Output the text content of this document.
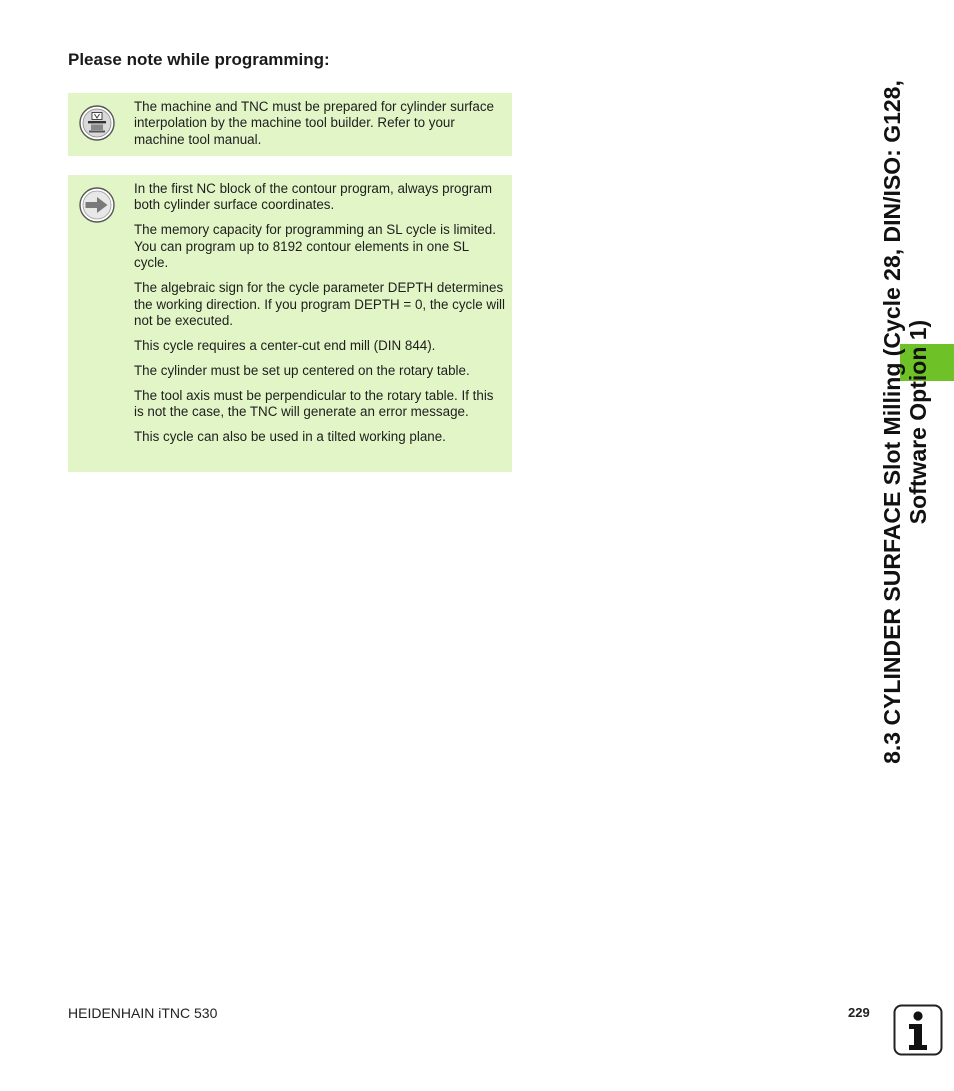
Please note while programming:

The machine and TNC must be prepared for cylinder surface interpolation by the machine tool builder. Refer to your machine tool manual.

In the first NC block of the contour program, always program both cylinder surface coordinates.

The memory capacity for programming an SL cycle is limited. You can program up to 8192 contour elements in one SL cycle.

The algebraic sign for the cycle parameter DEPTH determines the working direction. If you program DEPTH = 0, the cycle will not be executed.

This cycle requires a center-cut end mill (DIN 844).

The cylinder must be set up centered on the rotary table.

The tool axis must be perpendicular to the rotary table. If this is not the case, the TNC will generate an error message.

This cycle can also be used in a tilted working plane.	8.3 CYLINDER SURFACE Slot Milling (Cycle 28, DIN/ISO: G128, Software Option 1)
HEIDENHAIN iTNC 530	229
